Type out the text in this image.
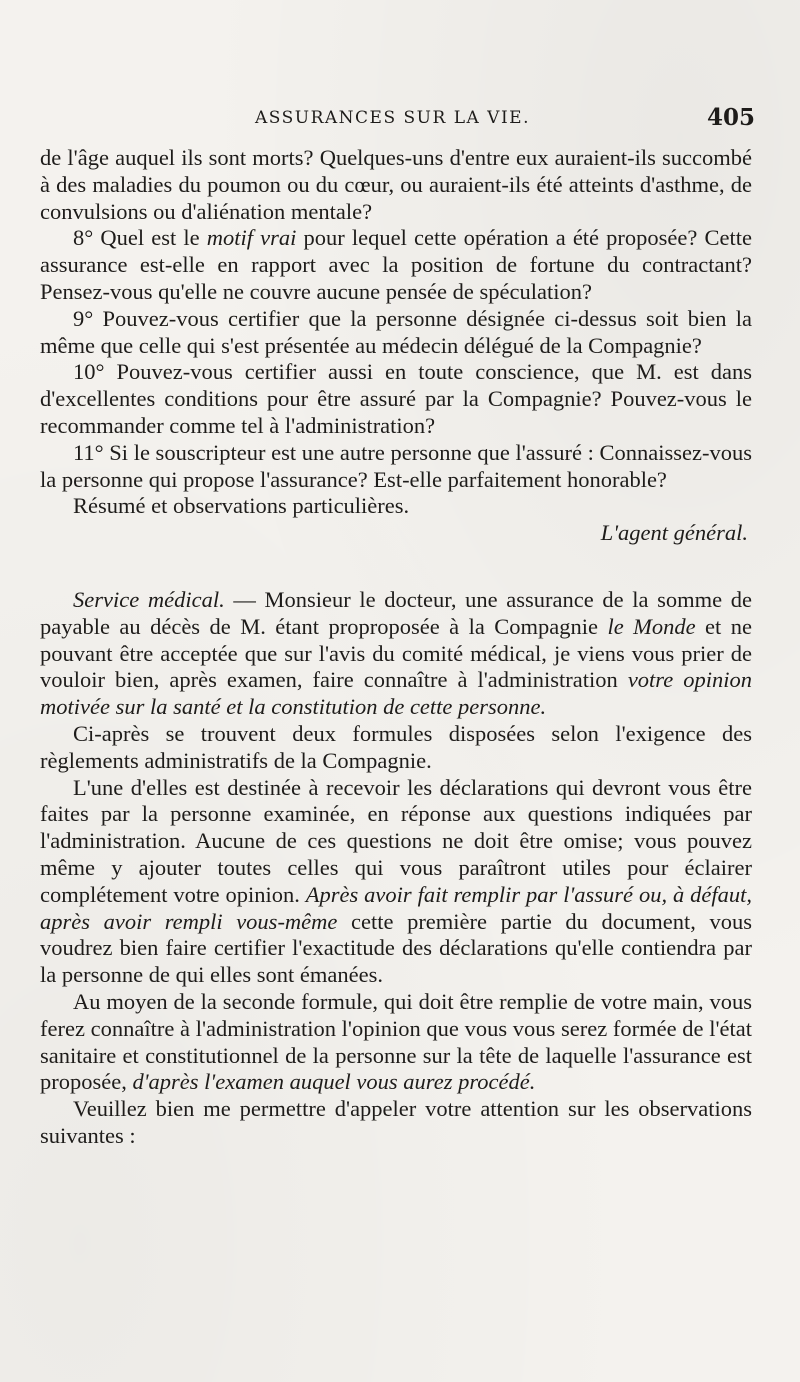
ASSURANCES SUR LA VIE.	405

de l'âge auquel ils sont morts? Quelques-uns d'entre eux auraient-ils succombé à des maladies du poumon ou du cœur, ou auraient-ils été atteints d'asthme, de convulsions ou d'aliénation mentale?

8° Quel est le motif vrai pour lequel cette opération a été proposée? Cette assurance est-elle en rapport avec la position de fortune du contractant? Pensez-vous qu'elle ne couvre aucune pensée de spéculation?

9° Pouvez-vous certifier que la personne désignée ci-dessus soit bien la même que celle qui s'est présentée au médecin délégué de la Compagnie?

10° Pouvez-vous certifier aussi en toute conscience, que M. est dans d'excellentes conditions pour être assuré par la Compagnie? Pouvez-vous le recommander comme tel à l'administration?

11° Si le souscripteur est une autre personne que l'assuré : Connaissez-vous la personne qui propose l'assurance? Est-elle parfaitement honorable?

Résumé et observations particulières.

L'agent général.

Service médical. — Monsieur le docteur, une assurance de la somme de payable au décès de M. étant proproposée à la Compagnie le Monde et ne pouvant être acceptée que sur l'avis du comité médical, je viens vous prier de vouloir bien, après examen, faire connaître à l'administration votre opinion motivée sur la santé et la constitution de cette personne.

Ci-après se trouvent deux formules disposées selon l'exigence des règlements administratifs de la Compagnie.

L'une d'elles est destinée à recevoir les déclarations qui devront vous être faites par la personne examinée, en réponse aux questions indiquées par l'administration. Aucune de ces questions ne doit être omise; vous pouvez même y ajouter toutes celles qui vous paraîtront utiles pour éclairer complétement votre opinion. Après avoir fait remplir par l'assuré ou, à défaut, après avoir rempli vous-même cette première partie du document, vous voudrez bien faire certifier l'exactitude des déclarations qu'elle contiendra par la personne de qui elles sont émanées.

Au moyen de la seconde formule, qui doit être remplie de votre main, vous ferez connaître à l'administration l'opinion que vous vous serez formée de l'état sanitaire et constitutionnel de la personne sur la tête de laquelle l'assurance est proposée, d'après l'examen auquel vous aurez procédé.

Veuillez bien me permettre d'appeler votre attention sur les observations suivantes :
